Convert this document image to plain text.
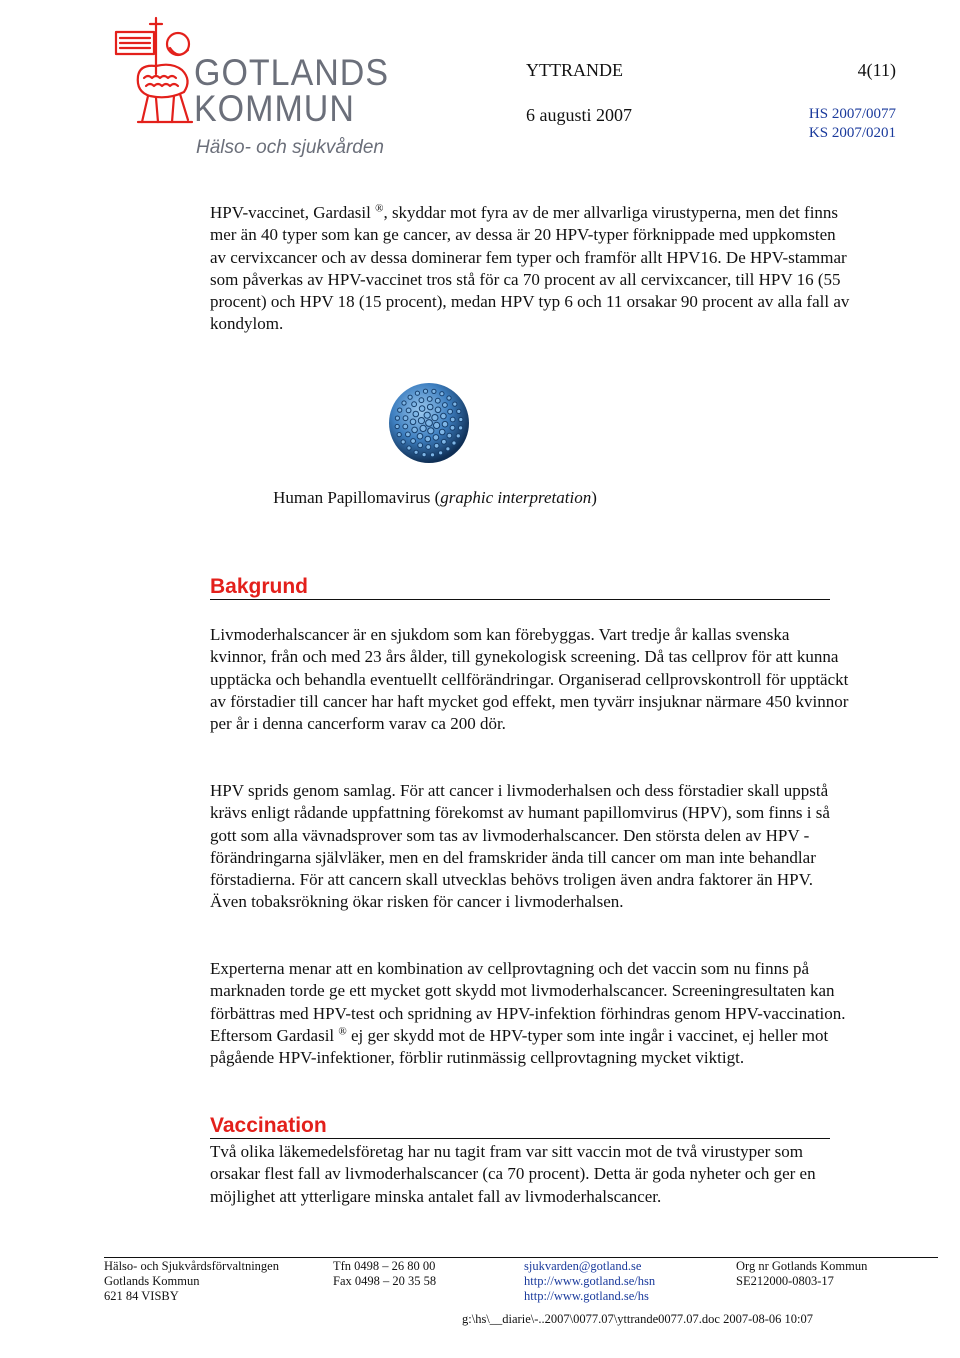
GOTLANDS
KOMMUN
Hälso- och sjukvården
YTTRANDE	4(11)
6 augusti 2007	HS 2007/0077
KS 2007/0201
HPV-vaccinet, Gardasil ®, skyddar mot fyra av de mer allvarliga virustyperna, men det finns mer än 40 typer som kan ge cancer, av dessa är 20 HPV-typer förknippade med uppkomsten av cervixcancer och av dessa dominerar fem typer och framför allt HPV16. De HPV-stammar som påverkas av HPV-vaccinet tros stå för ca 70 procent av all cervixcancer, till HPV 16 (55 procent) och HPV 18 (15 procent), medan HPV typ 6 och 11 orsakar 90 procent av alla fall av kondylom.
Human Papillomavirus (graphic interpretation)
Bakgrund
Livmoderhalscancer är en sjukdom som kan förebyggas. Vart tredje år kallas svenska kvinnor, från och med 23 års ålder, till gynekologisk screening. Då tas cellprov för att kunna upptäcka och behandla eventuellt cellförändringar. Organiserad cellprovskontroll för upptäckt av förstadier till cancer har haft mycket god effekt, men tyvärr insjuknar närmare 450 kvinnor per år i denna cancerform varav ca 200 dör.
HPV sprids genom samlag. För att cancer i livmoderhalsen och dess förstadier skall uppstå krävs enligt rådande uppfattning förekomst av humant papillomvirus (HPV), som finns i så gott som alla vävnadsprover som tas av livmoderhalscancer. Den största delen av HPV -förändringarna självläker, men en del framskrider ända till cancer om man inte behandlar förstadierna. För att cancern skall utvecklas behövs troligen även andra faktorer än HPV. Även tobaksrökning ökar risken för cancer i livmoderhalsen.
Experterna menar att en kombination av cellprovtagning och det vaccin som nu finns på marknaden torde ge ett mycket gott skydd mot livmoderhalscancer. Screeningresultaten kan förbättras med HPV-test och spridning av HPV-infektion förhindras genom HPV-vaccination. Eftersom Gardasil ® ej ger skydd mot de HPV-typer som inte ingår i vaccinet, ej heller mot pågående HPV-infektioner, förblir rutinmässig cellprovtagning mycket viktigt.
Vaccination
Två olika läkemedelsföretag har nu tagit fram var sitt vaccin mot de två virustyper som orsakar flest fall av livmoderhalscancer (ca 70 procent). Detta är goda nyheter och ger en möjlighet att ytterligare minska antalet fall av livmoderhalscancer.
Hälso- och Sjukvårdsförvaltningen
Gotlands Kommun
621 84 VISBY
Tfn 0498 – 26 80 00
Fax 0498 – 20 35 58
sjukvarden@gotland.se
http://www.gotland.se/hsn
http://www.gotland.se/hs
Org nr Gotlands Kommun
SE212000-0803-17
g:\hs\__diarie\-..2007\0077.07\yttrande0077.07.doc 2007-08-06 10:07
